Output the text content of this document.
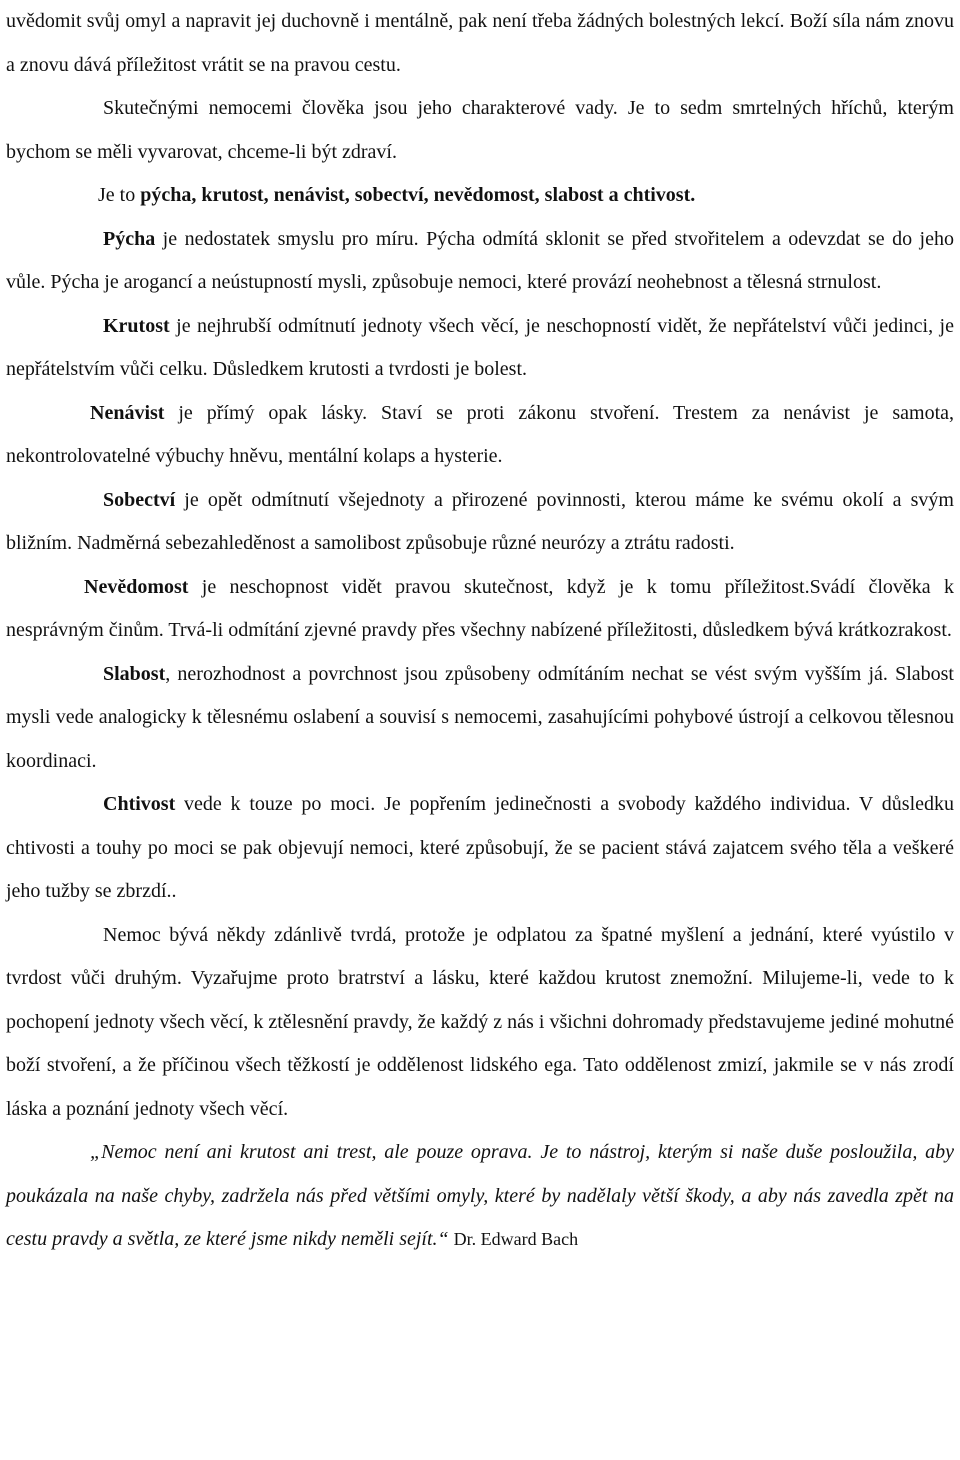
uvědomit svůj omyl a napravit jej duchovně i mentálně, pak není třeba žádných bolestných lekcí. Boží síla nám znovu a znovu dává příležitost vrátit se na pravou cestu.

Skutečnými nemocemi člověka jsou jeho charakterové vady. Je to sedm smrtelných hříchů, kterým bychom se měli vyvarovat, chceme-li být zdraví.

Je to pýcha, krutost, nenávist, sobectví, nevědomost, slabost a chtivost.

Pýcha je nedostatek smyslu pro míru. Pýcha odmítá sklonit se před stvořitelem a odevzdat se do jeho vůle. Pýcha je arogancí a neústupností mysli, způsobuje nemoci, které provází neohebnost a tělesná strnulost.

Krutost je nejhrubší odmítnutí jednoty všech věcí, je neschopností vidět, že nepřátelství vůči jedinci, je nepřátelstvím vůči celku. Důsledkem krutosti a tvrdosti je bolest.

Nenávist je přímý opak lásky. Staví se proti zákonu stvoření. Trestem za nenávist je samota, nekontrolovatelné výbuchy hněvu, mentální kolaps a hysterie.

Sobectví je opět odmítnutí všejednoty a přirozené povinnosti, kterou máme ke svému okolí a svým bližním. Nadměrná sebezahleděnost a samolibost způsobuje různé neurózy a ztrátu radosti.

Nevědomost je neschopnost vidět pravou skutečnost, když je k tomu příležitost.Svádí člověka k nesprávným činům. Trvá-li odmítání zjevné pravdy přes všechny nabízené příležitosti, důsledkem bývá krátkozrakost.

Slabost, nerozhodnost a povrchnost jsou způsobeny odmítáním nechat se vést svým vyšším já. Slabost mysli vede analogicky k tělesnému oslabení a souvisí s nemocemi, zasahujícími pohybové ústrojí a celkovou tělesnou koordinaci.

Chtivost vede k touze po moci. Je popřením jedinečnosti a svobody každého individua. V důsledku chtivosti a touhy po moci se pak objevují nemoci, které způsobují, že se pacient stává zajatcem svého těla a veškeré jeho tužby se zbrzdí..

Nemoc bývá někdy zdánlivě tvrdá, protože je odplatou za špatné myšlení a jednání, které vyústilo v tvrdost vůči druhým. Vyzařujme proto bratrství a lásku, které každou krutost znemožní. Milujeme-li, vede to k pochopení jednoty všech věcí, k ztělesnění pravdy, že každý z nás i všichni dohromady představujeme jediné mohutné boží stvoření, a že příčinou všech těžkostí je oddělenost lidského ega. Tato oddělenost zmizí, jakmile se v nás zrodí láska a poznání jednoty všech věcí.

„Nemoc není ani krutost ani trest, ale pouze oprava. Je to nástroj, kterým si naše duše posloužila, aby poukázala na naše chyby, zadržela nás před většími omyly, které by nadělaly větší škody, a aby nás zavedla zpět na cestu pravdy a světla, ze které jsme nikdy neměli sejít.“ Dr. Edward Bach
